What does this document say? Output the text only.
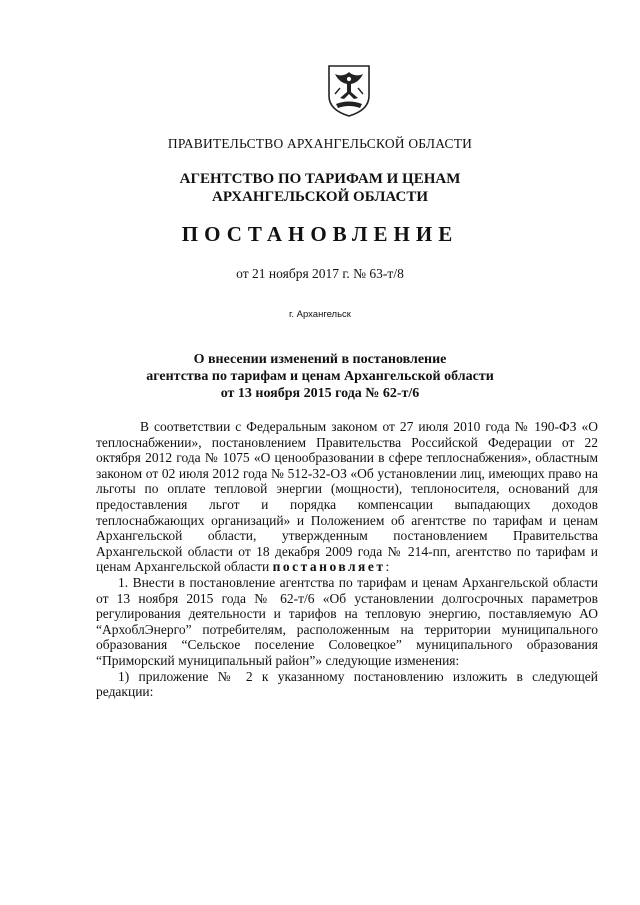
ПРАВИТЕЛЬСТВО АРХАНГЕЛЬСКОЙ ОБЛАСТИ
АГЕНТСТВО ПО ТАРИФАМ И ЦЕНАМ
АРХАНГЕЛЬСКОЙ ОБЛАСТИ
ПОСТАНОВЛЕНИЕ
от 21 ноября 2017 г. № 63-т/8
г. Архангельск
О внесении изменений в постановление
агентства по тарифам и ценам Архангельской области
от 13 ноября 2015 года № 62-т/6

В соответствии с Федеральным законом от 27 июля 2010 года № 190-ФЗ «О теплоснабжении», постановлением Правительства Российской Федерации от 22 октября 2012 года № 1075 «О ценообразовании в сфере теплоснабжения», областным законом от 02 июля 2012 года № 512-32-ОЗ «Об установлении лиц, имеющих право на льготы по оплате тепловой энергии (мощности), теплоносителя, оснований для предоставления льгот и порядка компенсации выпадающих доходов теплоснабжающих организаций» и Положением об агентстве по тарифам и ценам Архангельской области, утвержденным постановлением Правительства Архангельской области от 18 декабря 2009 года № 214-пп, агентство по тарифам и ценам Архангельской области постановляет:

1. Внести в постановление агентства по тарифам и ценам Архангельской области от 13 ноября 2015 года № 62-т/6 «Об установлении долгосрочных параметров регулирования деятельности и тарифов на тепловую энергию, поставляемую АО “АрхоблЭнерго” потребителям, расположенным на территории муниципального образования “Сельское поселение Соловецкое” муниципального образования “Приморский муниципальный район”» следующие изменения:

1) приложение № 2 к указанному постановлению изложить в следующей редакции:
